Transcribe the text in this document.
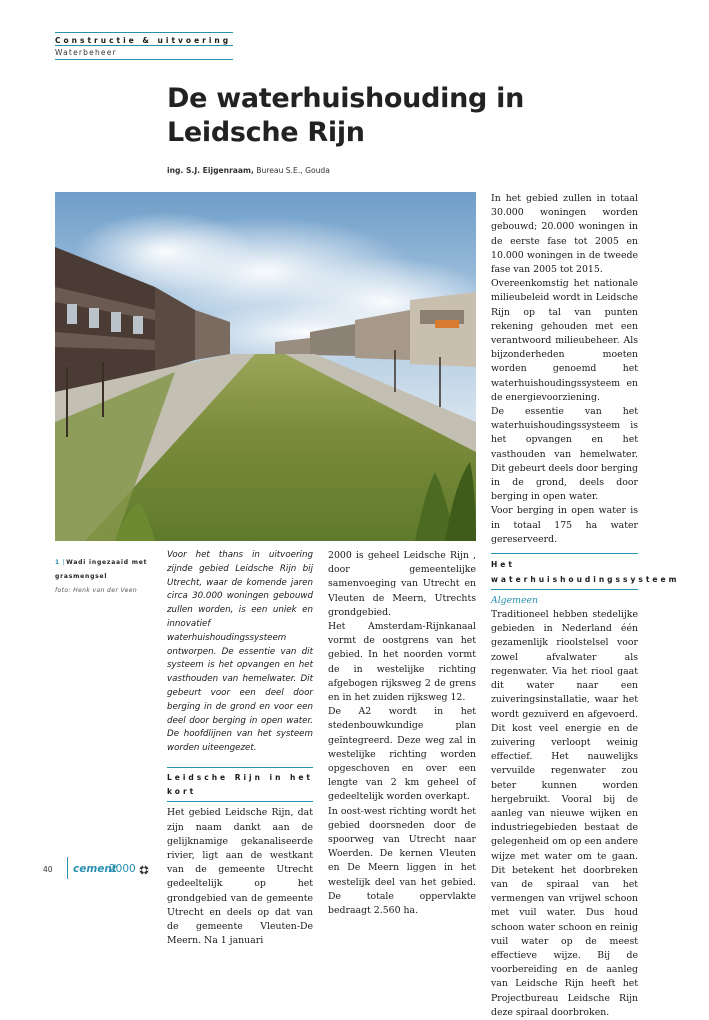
Constructie & uitvoering
Waterbeheer
De waterhuishouding in Leidsche Rijn
ing. S.J. Eijgenraam, Bureau S.E., Gouda
1 | Wadi ingezaaid met grasmengsel
foto: Henk van der Veen

Voor het thans in uitvoering zijnde gebied Leidsche Rijn bij Utrecht, waar de komende jaren circa 30.000 woningen gebouwd zullen worden, is een uniek en innovatief waterhuishoudingssysteem ontworpen. De essentie van dit systeem is het opvangen en het vasthouden van hemelwater. Dit gebeurt voor een deel door berging in de grond en voor een deel door berging in open water. De hoofdlijnen van het systeem worden uiteengezet.

Leidsche Rijn in het kort

Het gebied Leidsche Rijn, dat zijn naam dankt aan de gelijknamige gekanaliseerde rivier, ligt aan de westkant van de gemeente Utrecht gedeeltelijk op het grondgebied van de gemeente Utrecht en deels op dat van de gemeente Vleuten-De Meern. Na 1 januari

2000 is geheel Leidsche Rijn , door gemeentelijke samenvoeging van Utrecht en Vleuten de Meern, Utrechts grondgebied.

Het Amsterdam-Rijnkanaal vormt de oostgrens van het gebied. In het noorden vormt de in westelijke richting afgebogen rijksweg 2 de grens en in het zuiden rijksweg 12.

De A2 wordt in het stedenbouwkundige plan geïntegreerd. Deze weg zal in westelijke richting worden opgeschoven en over een lengte van 2 km geheel of gedeeltelijk worden overkapt.

In oost-west richting wordt het gebied doorsneden door de spoorweg van Utrecht naar Woerden. De kernen Vleuten en De Meern liggen in het westelijk deel van het gebied. De totale oppervlakte bedraagt 2.560 ha.

In het gebied zullen in totaal 30.000 woningen worden gebouwd; 20.000 woningen in de eerste fase tot 2005 en 10.000 woningen in de tweede fase van 2005 tot 2015.

Overeenkomstig het nationale milieubeleid wordt in Leidsche Rijn op tal van punten rekening gehouden met een verantwoord milieubeheer. Als bijzonderheden moeten worden genoemd het waterhuishoudingssysteem en de energievoorziening.

De essentie van het waterhuishoudingssysteem is het opvangen en het vasthouden van hemelwater. Dit gebeurt deels door berging in de grond, deels door berging in open water.

Voor berging in open water is in totaal 175 ha water gereserveerd.

Het waterhuishoudingssysteem

Algemeen

Traditioneel hebben stedelijke gebieden in Nederland één gezamenlijk rioolstelsel voor zowel afvalwater als regenwater. Via het riool gaat dit water naar een zuiveringsinstallatie, waar het wordt gezuiverd en afgevoerd. Dit kost veel energie en de zuivering verloopt weinig effectief. Het nauwelijks vervuilde regenwater zou beter kunnen worden hergebruikt. Vooral bij de aanleg van nieuwe wijken en industriegebieden bestaat de gelegenheid om op een andere wijze met water om te gaan. Dit betekent het doorbreken van de spiraal van het vermengen van vrijwel schoon met vuil water. Dus houd schoon water schoon en reinig vuil water op de meest effectieve wijze. Bij de voorbereiding en de aanleg van Leidsche Rijn heeft het Projectbureau Leidsche Rijn deze spiraal doorbroken.

40 cement
2000
